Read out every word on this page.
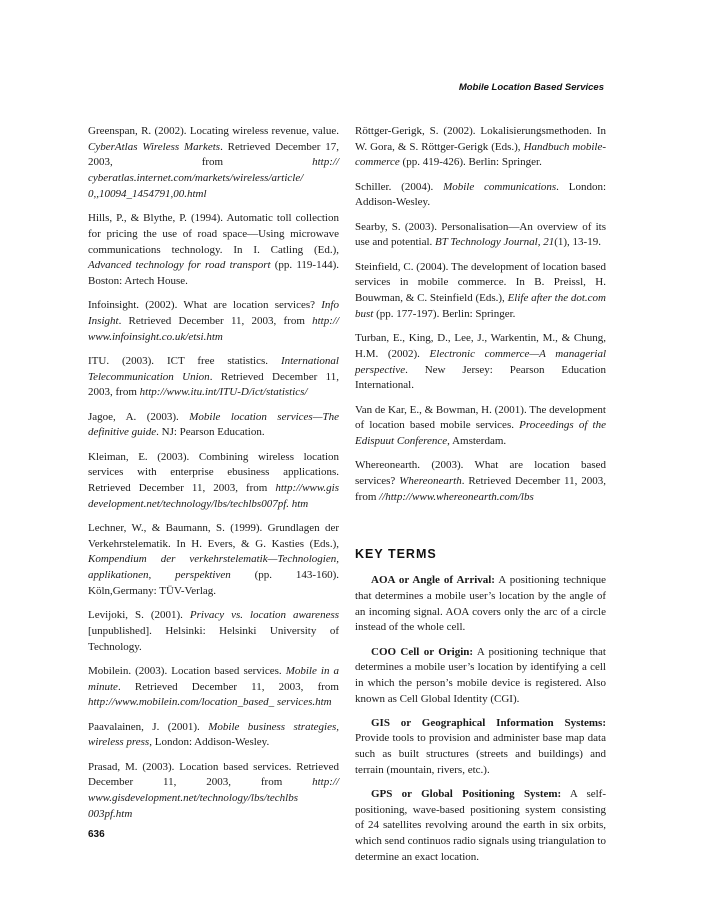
Mobile Location Based Services

Greenspan, R. (2002). Locating wireless revenue, value. CyberAtlas Wireless Markets. Retrieved December 17, 2003, from http:// cyberatlas.internet.com/markets/wireless/article/ 0,,10094_1454791,00.html

Hills, P., & Blythe, P. (1994). Automatic toll collection for pricing the use of road space—Using microwave communications technology. In I. Catling (Ed.), Advanced technology for road transport (pp. 119-144). Boston: Artech House.

Infoinsight. (2002). What are location services? Info Insight. Retrieved December 11, 2003, from http:// www.infoinsight.co.uk/etsi.htm

ITU. (2003). ICT free statistics. International Telecommunication Union. Retrieved December 11, 2003, from http://www.itu.int/ITU-D/ict/statistics/

Jagoe, A. (2003). Mobile location services—The definitive guide. NJ: Pearson Education.

Kleiman, E. (2003). Combining wireless location services with enterprise ebusiness applications. Retrieved December 11, 2003, from http://www.gis development.net/technology/lbs/techlbs007pf. htm

Lechner, W., & Baumann, S. (1999). Grundlagen der Verkehrstelematik. In H. Evers, & G. Kasties (Eds.), Kompendium der verkehrstelematik—Technologien, applikationen, perspektiven (pp. 143-160). Köln,Germany: TÜV-Verlag.

Levijoki, S. (2001). Privacy vs. location awareness [unpublished]. Helsinki: Helsinki University of Technology.

Mobilein. (2003). Location based services. Mobile in a minute. Retrieved December 11, 2003, from http://www.mobilein.com/location_based_ services.htm

Paavalainen, J. (2001). Mobile business strategies, wireless press, London: Addison-Wesley.

Prasad, M. (2003). Location based services. Retrieved December 11, 2003, from http:// www.gisdevelopment.net/technology/lbs/techlbs 003pf.htm

Röttger-Gerigk, S. (2002). Lokalisierungsmethoden. In W. Gora, & S. Röttger-Gerigk (Eds.), Handbuch mobile-commerce (pp. 419-426). Berlin: Springer.

Schiller. (2004). Mobile communications. London: Addison-Wesley.

Searby, S. (2003). Personalisation—An overview of its use and potential. BT Technology Journal, 21(1), 13-19.

Steinfield, C. (2004). The development of location based services in mobile commerce. In B. Preissl, H. Bouwman, & C. Steinfield (Eds.), Elife after the dot.com bust (pp. 177-197). Berlin: Springer.

Turban, E., King, D., Lee, J., Warkentin, M., & Chung, H.M. (2002). Electronic commerce—A managerial perspective. New Jersey: Pearson Education International.

Van de Kar, E., & Bowman, H. (2001). The development of location based mobile services. Proceedings of the Edispuut Conference, Amsterdam.

Whereonearth. (2003). What are location based services? Whereonearth. Retrieved December 11, 2003, from //http://www.whereonearth.com/lbs

KEY TERMS

AOA or Angle of Arrival: A positioning technique that determines a mobile user’s location by the angle of an incoming signal. AOA covers only the arc of a circle instead of the whole cell.

COO Cell or Origin: A positioning technique that determines a mobile user’s location by identifying a cell in which the person’s mobile device is registered. Also known as Cell Global Identity (CGI).

GIS or Geographical Information Systems: Provide tools to provision and administer base map data such as built structures (streets and buildings) and terrain (mountain, rivers, etc.).

GPS or Global Positioning System: A self-positioning, wave-based positioning system consisting of 24 satellites revolving around the earth in six orbits, which send continuos radio signals using triangulation to determine an exact location.

636
